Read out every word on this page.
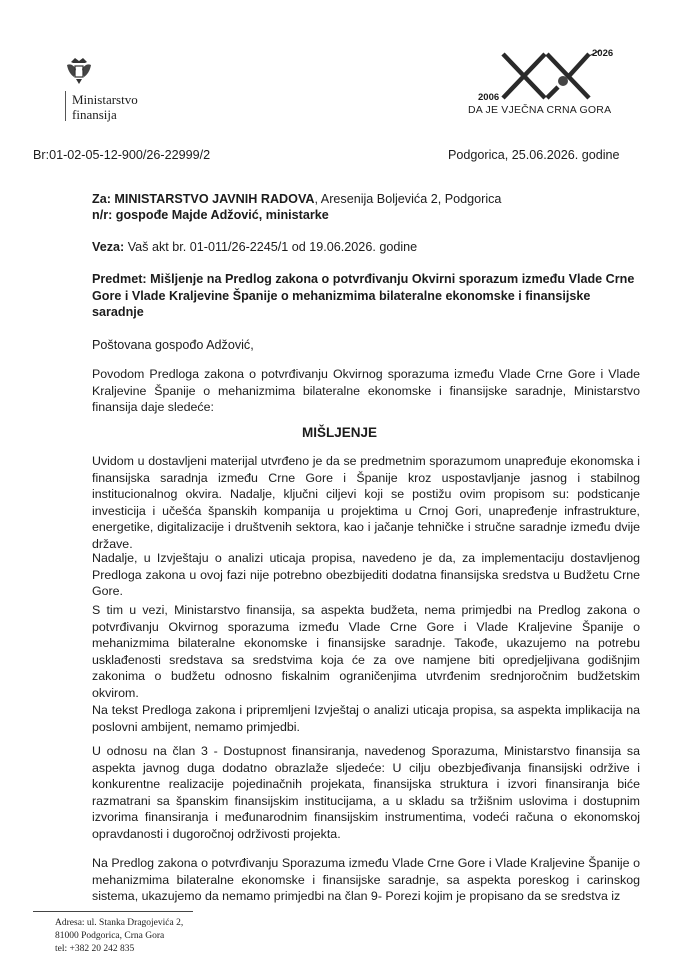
Ministarstvo
finansija
2026
2006
DA JE VJEČNA CRNA GORA
Br:01-02-05-12-900/26-22999/2	Podgorica, 25.06.2026. godine
Za: MINISTARSTVO JAVNIH RADOVA, Aresenija Boljevića 2, Podgorica
n/r: gospođe Majde Adžović, ministarke
Veza: Vaš akt br. 01-011/26-2245/1 od 19.06.2026. godine
Predmet: Mišljenje na Predlog zakona o potvrđivanju Okvirni sporazum između Vlade Crne Gore i Vlade Kraljevine Španije o mehanizmima bilateralne ekonomske i finansijske saradnje
Poštovana gospođo Adžović,

Povodom Predloga zakona o potvrđivanju Okvirnog sporazuma između Vlade Crne Gore i Vlade Kraljevine Španije o mehanizmima bilateralne ekonomske i finansijske saradnje, Ministarstvo finansija daje sledeće:

MIŠLJENJE

Uvidom u dostavljeni materijal utvrđeno je da se predmetnim sporazumom unapređuje ekonomska i finansijska saradnja između Crne Gore i Španije kroz uspostavljanje jasnog i stabilnog institucionalnog okvira. Nadalje, ključni ciljevi koji se postižu ovim propisom su: podsticanje investicija i učešća španskih kompanija u projektima u Crnoj Gori, unapređenje infrastrukture, energetike, digitalizacije i društvenih sektora, kao i jačanje tehničke i stručne saradnje između dvije države.

Nadalje, u Izvještaju o analizi uticaja propisa, navedeno je da, za implementaciju dostavljenog Predloga zakona u ovoj fazi nije potrebno obezbijediti dodatna finansijska sredstva u Budžetu Crne Gore.

S tim u vezi, Ministarstvo finansija, sa aspekta budžeta, nema primjedbi na Predlog zakona o potvrđivanju Okvirnog sporazuma između Vlade Crne Gore i Vlade Kraljevine Španije o mehanizmima bilateralne ekonomske i finansijske saradnje. Takođe, ukazujemo na potrebu usklađenosti sredstava sa sredstvima koja će za ove namjene biti opredjeljivana godišnjim zakonima o budžetu odnosno fiskalnim ograničenjima utvrđenim srednjoročnim budžetskim okvirom.

Na tekst Predloga zakona i pripremljeni Izvještaj o analizi uticaja propisa, sa aspekta implikacija na poslovni ambijent, nemamo primjedbi.

U odnosu na član 3 - Dostupnost finansiranja, navedenog Sporazuma, Ministarstvo finansija sa aspekta javnog duga dodatno obrazlaže sljedeće: U cilju obezbjeđivanja finansijski održive i konkurentne realizacije pojedinačnih projekata, finansijska struktura i izvori finansiranja biće razmatrani sa španskim finansijskim institucijama, a u skladu sa tržišnim uslovima i dostupnim izvorima finansiranja i međunarodnim finansijskim instrumentima, vodeći računa o ekonomskoj opravdanosti i dugoročnoj održivosti projekta.

Na Predlog zakona o potvrđivanju Sporazuma između Vlade Crne Gore i Vlade Kraljevine Španije o mehanizmima bilateralne ekonomske i finansijske saradnje, sa aspekta poreskog i carinskog sistema, ukazujemo da nemamo primjedbi na član 9- Porezi kojim je propisano da se sredstva iz

Adresa: ul. Stanka Dragojevića 2,
81000 Podgorica, Crna Gora
tel: +382 20 242 835
